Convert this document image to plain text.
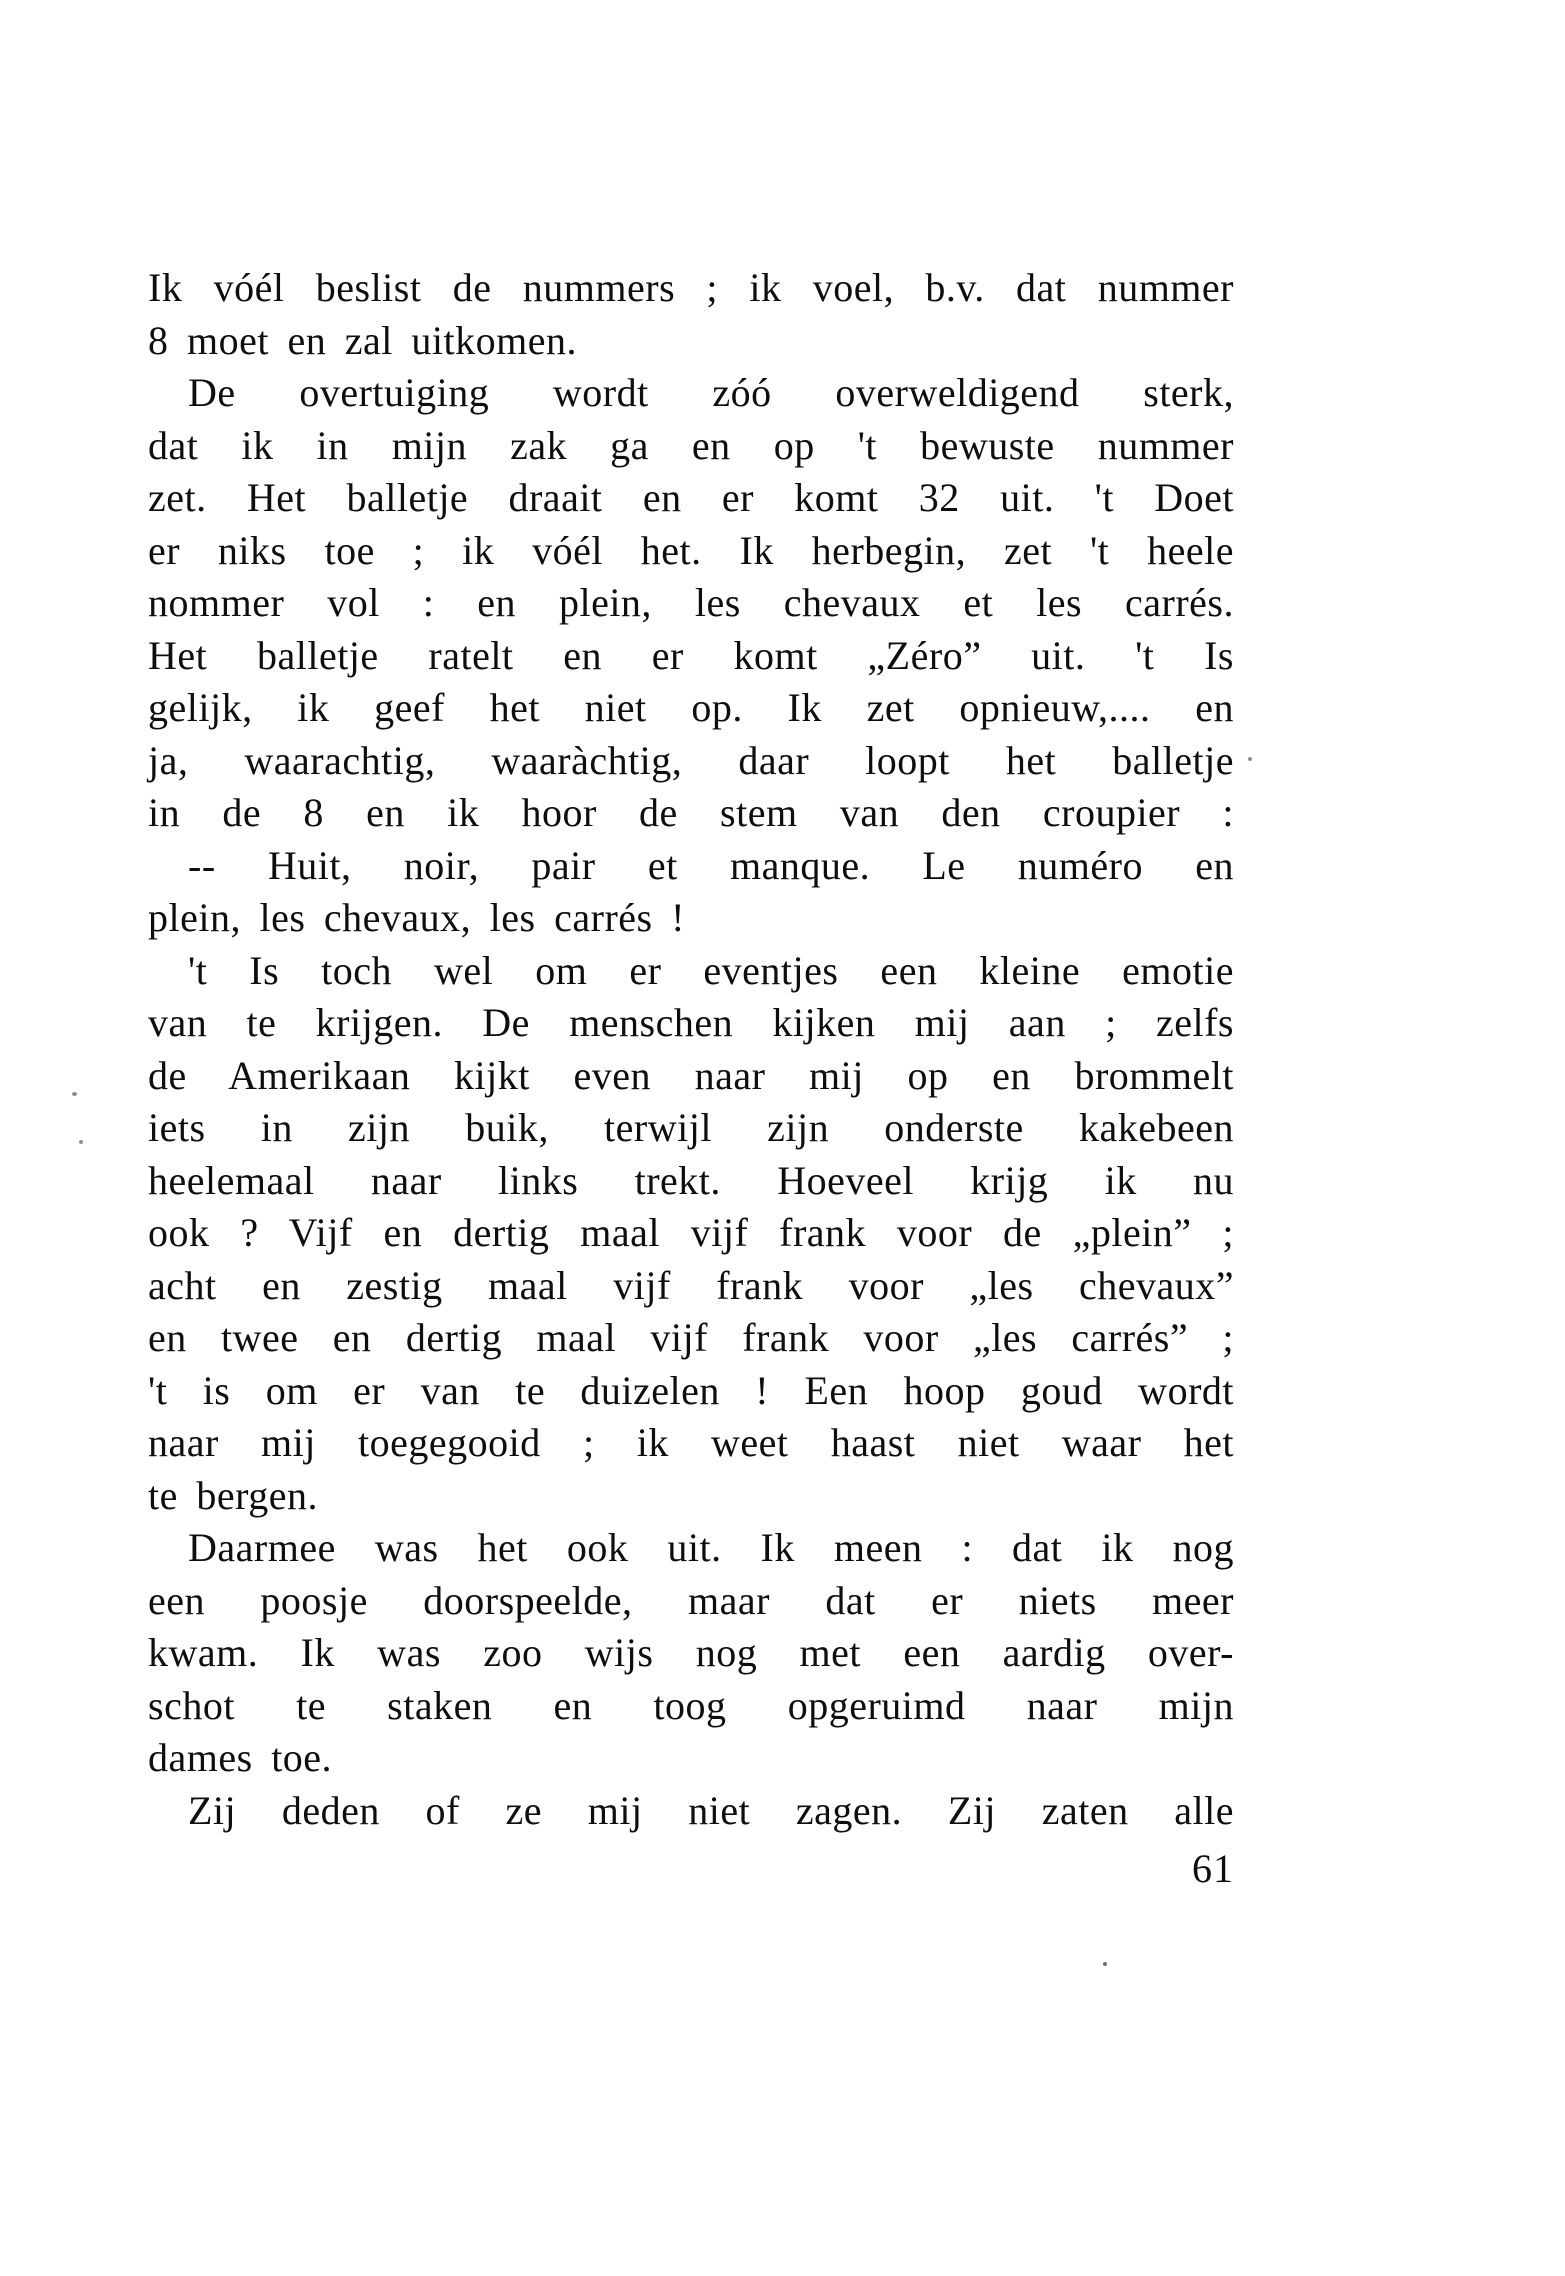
Ik vóél beslist de nummers ; ik voel, b.v. dat nummer
8 moet en zal uitkomen.
De overtuiging wordt zóó overweldigend sterk,
dat ik in mijn zak ga en op 't bewuste nummer
zet. Het balletje draait en er komt 32 uit. 't Doet
er niks toe ; ik vóél het. Ik herbegin, zet 't heele
nommer vol : en plein, les chevaux et les carrés.
Het balletje ratelt en er komt „Zéro” uit. 't Is
gelijk, ik geef het niet op. Ik zet opnieuw,.... en
ja, waarachtig, waaràchtig, daar loopt het balletje
in de 8 en ik hoor de stem van den croupier :
-- Huit, noir, pair et manque. Le numéro en
plein, les chevaux, les carrés !
't Is toch wel om er eventjes een kleine emotie
van te krijgen. De menschen kijken mij aan ; zelfs
de Amerikaan kijkt even naar mij op en brommelt
iets in zijn buik, terwijl zijn onderste kakebeen
heelemaal naar links trekt. Hoeveel krijg ik nu
ook ? Vijf en dertig maal vijf frank voor de „plein” ;
acht en zestig maal vijf frank voor „les chevaux”
en twee en dertig maal vijf frank voor „les carrés” ;
't is om er van te duizelen ! Een hoop goud wordt
naar mij toegegooid ; ik weet haast niet waar het
te bergen.
Daarmee was het ook uit. Ik meen : dat ik nog
een poosje doorspeelde, maar dat er niets meer
kwam. Ik was zoo wijs nog met een aardig over-
schot te staken en toog opgeruimd naar mijn
dames toe.
Zij deden of ze mij niet zagen. Zij zaten alle
61
